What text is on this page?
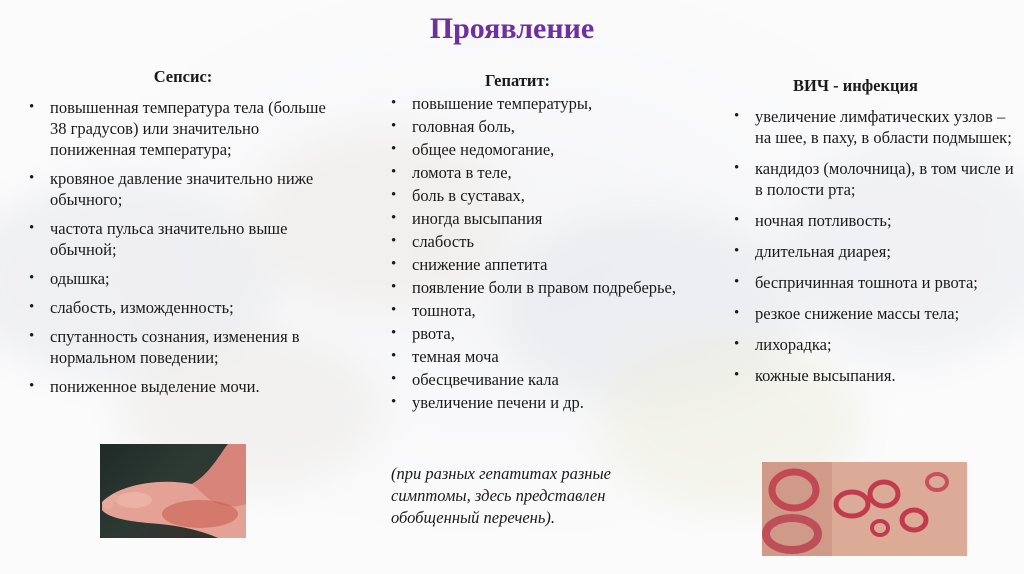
Проявление
Сепсис:
• повышенная температура тела (больше 38 градусов) или значительно пониженная температура;
• кровяное давление значительно ниже обычного;
• частота пульса значительно выше обычной;
• одышка;
• слабость, изможденность;
• спутанность сознания, изменения в нормальном поведении;
• пониженное выделение мочи.
Гепатит:
• повышение температуры,
• головная боль,
• общее недомогание,
• ломота в теле,
• боль в суставах,
• иногда высыпания
• слабость
• снижение аппетита
• появление боли в правом подреберье,
• тошнота,
• рвота,
• темная моча
• обесцвечивание кала
• увеличение печени и др.
(при разных гепатитах разные симптомы, здесь представлен обобщенный перечень).
ВИЧ - инфекция
• увеличение лимфатических узлов – на шее, в паху, в области подмышек;
• кандидоз (молочница), в том числе и в полости рта;
• ночная потливость;
• длительная диарея;
• беспричинная тошнота и рвота;
• резкое снижение массы тела;
• лихорадка;
• кожные высыпания.
